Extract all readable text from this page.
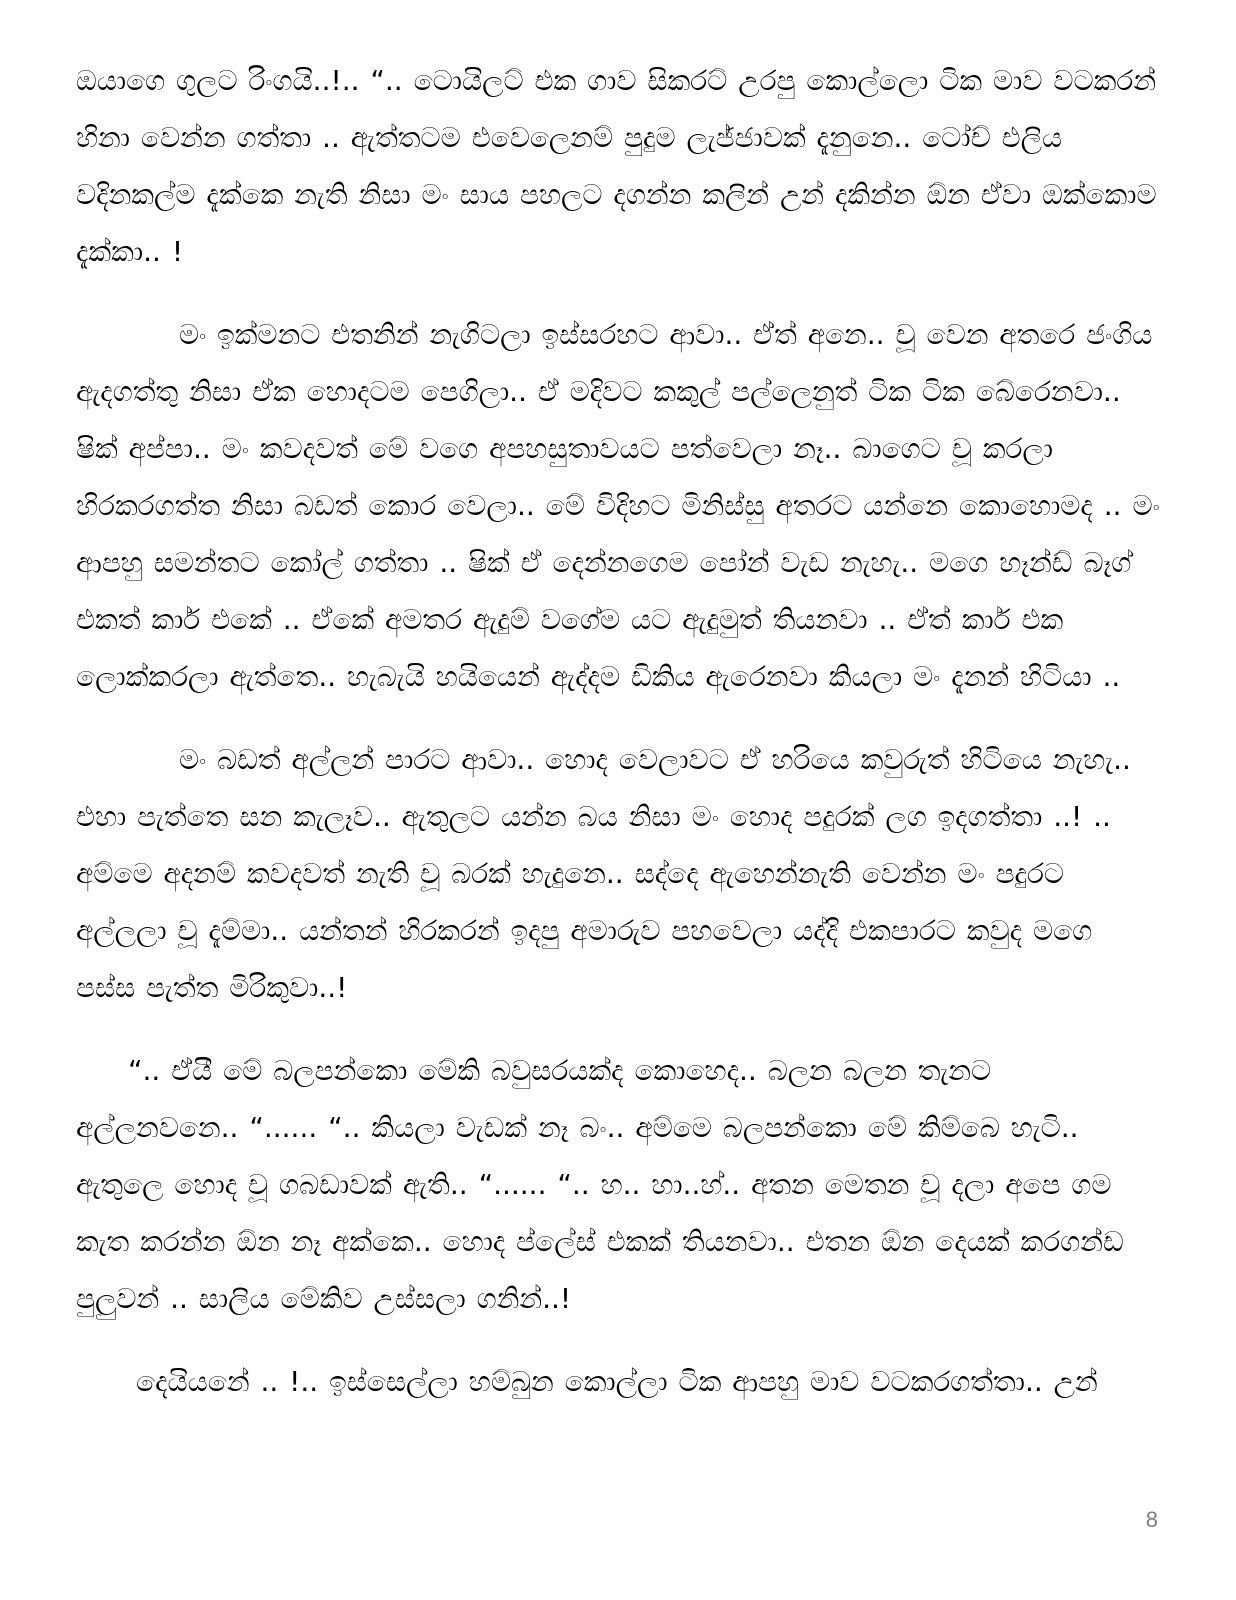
ඔයාගෙ ගුලට රිංගයි..!.. “.. ටොයිලට් එක ගාව සිකරට් උරපු කොල්ලො ටික මාව වටකරන් හිනා වෙන්න ගත්තා .. ඇත්තටම එවෙලෙනම් පුදුම ලැජ්ජාවක් දැනුනෙ.. ටෝච් එලිය වදිනකල්ම දැක්කෙ නැති නිසා මං සාය පහලට දගන්න කලින් උන් දකින්න ඕන ඒවා ඔක්කොම දැක්කා.. !

මං ඉක්මනට එතනින් නැගිටලා ඉස්සරහට ආවා.. ඒත් අනෙ.. චූ වෙන අතරෙ ජංගිය ඇදගත්තු නිසා ඒක හොදටම පෙගිලා.. ඒ මදිවට කකුල් පල්ලෙනුත් ටික ටික බේරෙනවා.. ෂික් අප්පා.. මං කවදවත් මේ වගෙ අපහසුතාවයට පත්වෙලා නෑ.. බාගෙට චූ කරලා හිරකරගත්ත නිසා බඩත් කොර වෙලා.. මේ විදිහට මිනිස්සු අතරට යන්නෙ කොහොමද .. මං ආපහු සමන්තට කෝල් ගත්තා .. ෂික් ඒ දෙන්නගෙම පෝන් වැඩ නැහැ.. මගෙ හෑන්ඩ් බෑග් එකත් කාර් එකේ .. ඒකේ අමතර ඇදුම් වගේම යට ඇදුමුත් තියනවා .. ඒත් කාර් එක ලොක්කරලා ඇත්තෙ.. හැබැයි හයියෙන් ඇද්දම ඩිකිය ඇරෙනවා කියලා මං දැනන් හිටියා ..

මං බඩත් අල්ලන් පාරට ආවා.. හොද වෙලාවට ඒ හරියෙ කවුරුත් හිටියෙ නැහැ.. එහා පැත්තෙ සන කැලෑව.. ඇතුලට යන්න බය නිසා මං හොද පදුරක් ලග ඉදගත්තා ..! .. අම්මෙ අදනම් කවදවත් නැති චූ බරක් හැදුනෙ.. සද්දෙ ඇහෙන්නැති වෙන්න මං පදුරට අල්ලලා චූ දැම්මා.. යන්තන් හිරකරන් ඉදපු අමාරුව පහවෙලා යද්දි එකපාරට කවුද මගෙ පස්ස පැත්ත මිරිකුවා..!

“.. ඒයී මේ බලපන්කො මේකි බවුසරයක්ද කොහෙද.. බලන බලන තැනට අල්ලනවනෙ.. “...... “.. කියලා වැඩක් නෑ බං.. අම්මෙ බලපන්කො මේ කිම්බෙ හැටි.. ඇතුලෙ හොද චූ ගබඩාවක් ඇති.. “...... “.. හ.. හා..හ්.. අතන මෙතන චූ දලා අපෙ ගම කැත කරන්න ඕන නෑ අක්කෙ.. හොද ප්ලේස් එකක් තියනවා.. එතන ඕන දෙයක් කරගන්ඩ පුලුවන් .. සාලිය මේකිව උස්සලා ගනින්..!

දෙයියනේ .. !.. ඉස්සෙල්ලා හම්බුන කොල්ලා ටික ආපහු මාව වටකරගත්තා.. උන්

8
